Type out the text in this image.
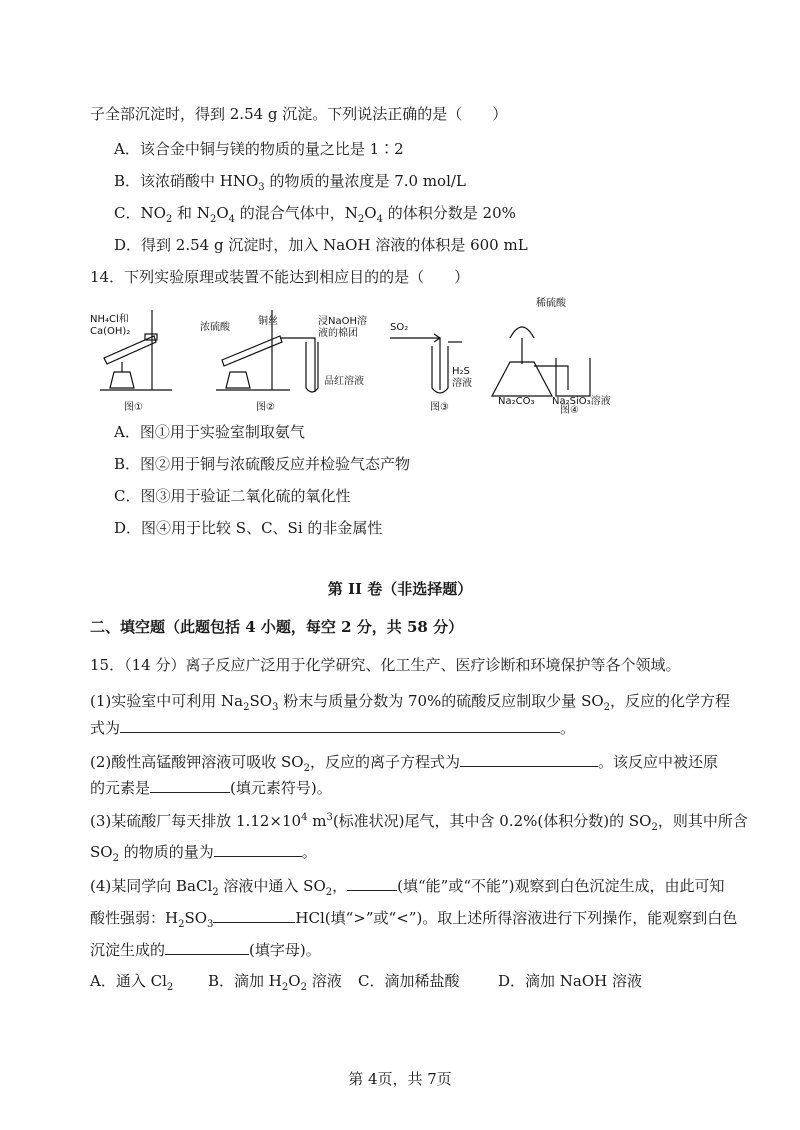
子全部沉淀时，得到 2.54 g 沉淀。下列说法正确的是（　　）
A．该合金中铜与镁的物质的量之比是 1∶2
B．该浓硝酸中 $HNO_3$ 的物质的量浓度是 7.0 mol/L
C．$NO_2$ 和 $N_2O_4$ 的混合气体中，$N_2O_4$ 的体积分数是 20%
D．得到 2.54 g 沉淀时，加入 NaOH 溶液的体积是 600 mL
14．下列实验原理或装置不能达到相应目的的是（　　）
NH₄Cl和
Ca(OH)₂
图①
浓硫酸
铜丝	浸NaOH溶
液的棉团
品红溶液
图②
SO₂
H₂S
溶液
图③
稀硫酸
Na₂CO₃ Na₂SiO₃溶液
图④
A．图①用于实验室制取氨气
B．图②用于铜与浓硫酸反应并检验气态产物
C．图③用于验证二氧化硫的氧化性
D．图④用于比较 S、C、Si 的非金属性
第 II 卷（非选择题）
二、填空题（此题包括 4 小题，每空 2 分，共 58 分）
15．（14 分）离子反应广泛用于化学研究、化工生产、医疗诊断和环境保护等各个领域。
(1)实验室中可利用 $Na_2SO_3$ 粉末与质量分数为 70%的硫酸反应制取少量 $SO_2$，反应的化学方程
式为	。
(2)酸性高锰酸钾溶液可吸收 $SO_2$，反应的离子方程式为	。该反应中被还原
的元素是	(填元素符号)。
(3)某硫酸厂每天排放 $1.12\times 10^4$ $m^3$(标准状况)尾气，其中含 0.2%(体积分数)的 $SO_2$，则其中所含
$SO_2$ 的物质的量为	。
(4)某同学向 BaCl$_2$ 溶液中通入 $SO_2$，	(填“能”或“不能”)观察到白色沉淀生成，由此可知
酸性强弱：$H_2SO_3$	HCl(填“>”或“<”)。取上述所得溶液进行下列操作，能观察到白色
沉淀生成的	(填字母)。
A．通入 $Cl_2$ B．滴加 $H_2O_2$ 溶液 C．滴加稀盐酸	D．滴加 NaOH 溶液
第 4页，共 7页
